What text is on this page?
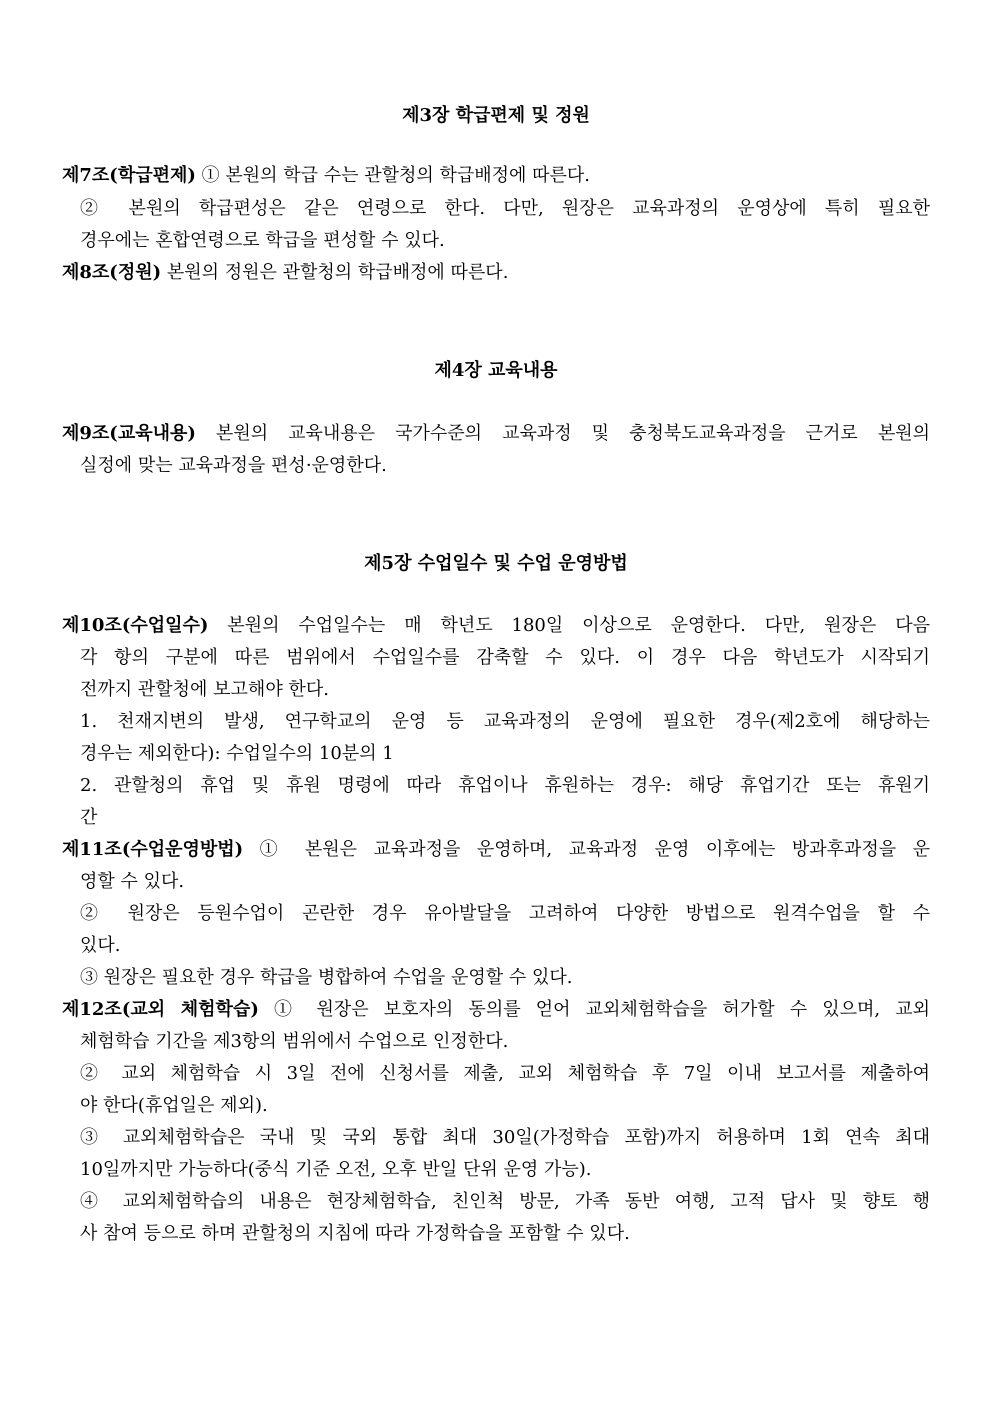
제3장 학급편제 및 정원

제7조(학급편제) ① 본원의 학급 수는 관할청의 학급배정에 따른다.

② 본원의 학급편성은 같은 연령으로 한다. 다만, 원장은 교육과정의 운영상에 특히 필요한

경우에는 혼합연령으로 학급을 편성할 수 있다.

제8조(정원) 본원의 정원은 관할청의 학급배정에 따른다.

제4장 교육내용

제9조(교육내용) 본원의 교육내용은 국가수준의 교육과정 및 충청북도교육과정을 근거로 본원의

실정에 맞는 교육과정을 편성·운영한다.

제5장 수업일수 및 수업 운영방법

제10조(수업일수) 본원의 수업일수는 매 학년도 180일 이상으로 운영한다. 다만, 원장은 다음

각 항의 구분에 따른 범위에서 수업일수를 감축할 수 있다. 이 경우 다음 학년도가 시작되기

전까지 관할청에 보고해야 한다.

1. 천재지변의 발생, 연구학교의 운영 등 교육과정의 운영에 필요한 경우(제2호에 해당하는

경우는 제외한다): 수업일수의 10분의 1

2. 관할청의 휴업 및 휴원 명령에 따라 휴업이나 휴원하는 경우: 해당 휴업기간 또는 휴원기

간

제11조(수업운영방법) ① 본원은 교육과정을 운영하며, 교육과정 운영 이후에는 방과후과정을 운

영할 수 있다.

② 원장은 등원수업이 곤란한 경우 유아발달을 고려하여 다양한 방법으로 원격수업을 할 수

있다.

③ 원장은 필요한 경우 학급을 병합하여 수업을 운영할 수 있다.

제12조(교외 체험학습) ① 원장은 보호자의 동의를 얻어 교외체험학습을 허가할 수 있으며, 교외

체험학습 기간을 제3항의 범위에서 수업으로 인정한다.

② 교외 체험학습 시 3일 전에 신청서를 제출, 교외 체험학습 후 7일 이내 보고서를 제출하여

야 한다(휴업일은 제외).

③ 교외체험학습은 국내 및 국외 통합 최대 30일(가정학습 포함)까지 허용하며 1회 연속 최대

10일까지만 가능하다(중식 기준 오전, 오후 반일 단위 운영 가능).

④ 교외체험학습의 내용은 현장체험학습, 친인척 방문, 가족 동반 여행, 고적 답사 및 향토 행

사 참여 등으로 하며 관할청의 지침에 따라 가정학습을 포함할 수 있다.
